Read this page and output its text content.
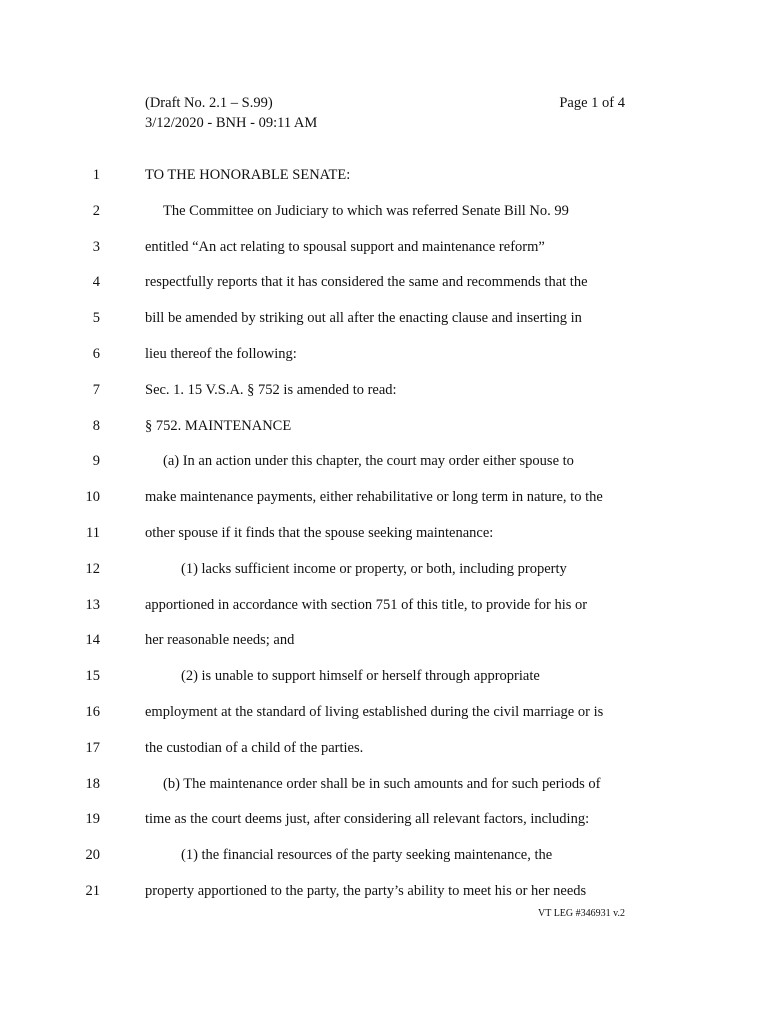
(Draft No. 2.1 – S.99)
3/12/2020 - BNH - 09:11 AM
Page 1 of 4
1	TO THE HONORABLE SENATE:
2	The Committee on Judiciary to which was referred Senate Bill No. 99
3	entitled “An act relating to spousal support and maintenance reform”
4	respectfully reports that it has considered the same and recommends that the
5	bill be amended by striking out all after the enacting clause and inserting in
6	lieu thereof the following:
7	Sec. 1. 15 V.S.A. § 752 is amended to read:
8	§ 752. MAINTENANCE
9	(a) In an action under this chapter, the court may order either spouse to
10	make maintenance payments, either rehabilitative or long term in nature, to the
11	other spouse if it finds that the spouse seeking maintenance:
12	(1) lacks sufficient income or property, or both, including property
13	apportioned in accordance with section 751 of this title, to provide for his or
14	her reasonable needs; and
15	(2) is unable to support himself or herself through appropriate
16	employment at the standard of living established during the civil marriage or is
17	the custodian of a child of the parties.
18	(b) The maintenance order shall be in such amounts and for such periods of
19	time as the court deems just, after considering all relevant factors, including:
20	(1) the financial resources of the party seeking maintenance, the
21	property apportioned to the party, the party’s ability to meet his or her needs
VT LEG #346931 v.2
